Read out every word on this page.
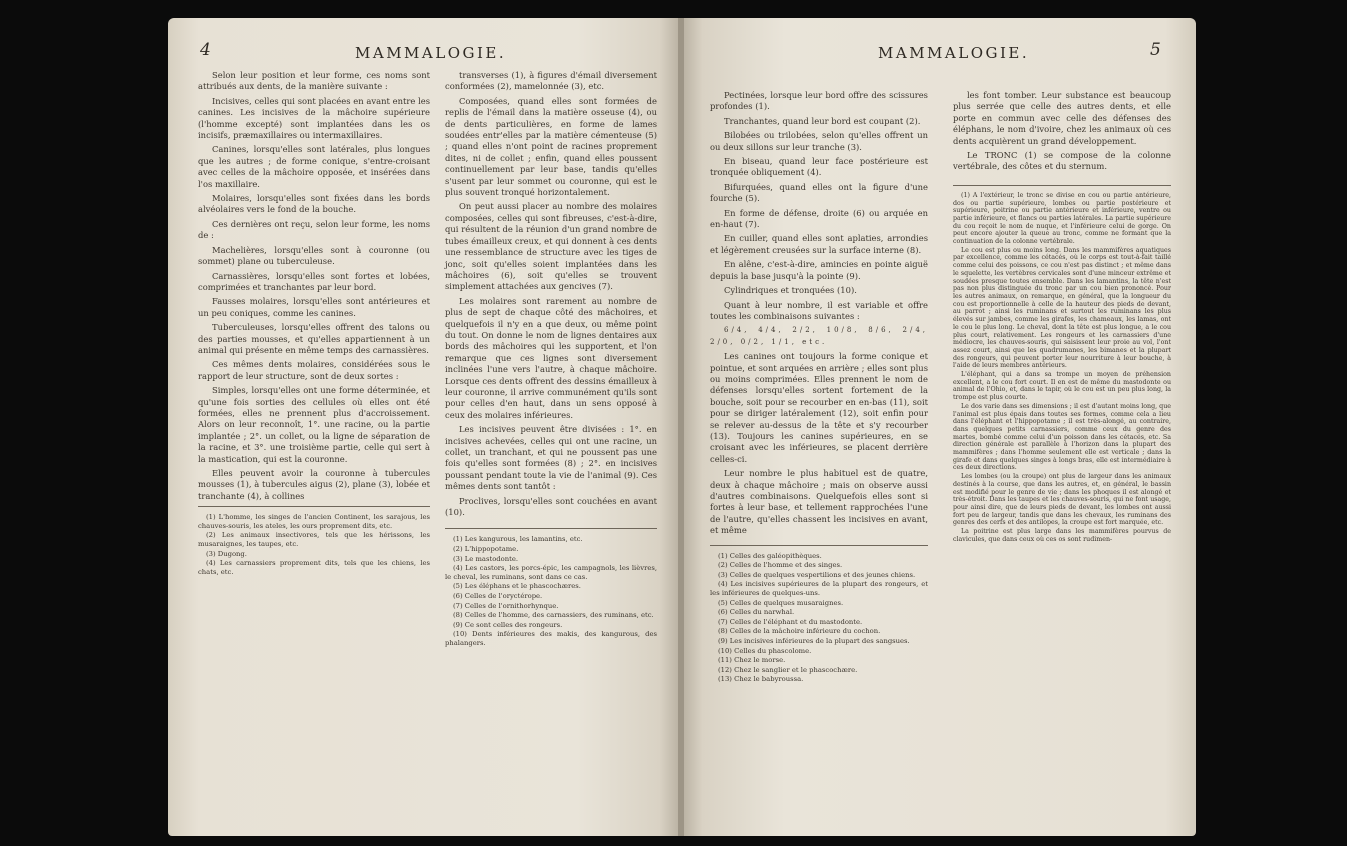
4	MAMMALOGIE.	MAMMALOGIE.	5

Selon leur position et leur forme, ces noms sont attribués aux dents, de la manière suivante :

Incisives, celles qui sont placées en avant entre les canines. Les incisives de la mâchoire supérieure (l'homme excepté) sont implantées dans les os incisifs, præmaxillaires ou intermaxillaires.

Canines, lorsqu'elles sont latérales, plus longues que les autres ; de forme conique, s'entre-croisant avec celles de la mâchoire opposée, et insérées dans l'os maxillaire.

Molaires, lorsqu'elles sont fixées dans les bords alvéolaires vers le fond de la bouche.

Ces dernières ont reçu, selon leur forme, les noms de :

Machelières, lorsqu'elles sont à couronne (ou sommet) plane ou tuberculeuse.

Carnassières, lorsqu'elles sont fortes et lobées, comprimées et tranchantes par leur bord.

Fausses molaires, lorsqu'elles sont antérieures et un peu coniques, comme les canines.

Tuberculeuses, lorsqu'elles offrent des talons ou des parties mousses, et qu'elles appartiennent à un animal qui présente en même temps des carnassières.

Ces mêmes dents molaires, considérées sous le rapport de leur structure, sont de deux sortes :

Simples, lorsqu'elles ont une forme déterminée, et qu'une fois sorties des cellules où elles ont été formées, elles ne prennent plus d'accroissement. Alors on leur reconnoît, 1°. une racine, ou la partie implantée ; 2°. un collet, ou la ligne de séparation de la racine, et 3°. une troisième partie, celle qui sert à la mastication, qui est la couronne.

Elles peuvent avoir la couronne à tubercules mousses (1), à tubercules aigus (2), plane (3), lobée et tranchante (4), à collines

(1) L'homme, les singes de l'ancien Continent, les sarajous, les chauves-souris, les ateles, les ours proprement dits, etc.

(2) Les animaux insectivores, tels que les hérissons, les musaraignes, les taupes, etc.

(3) Dugong.

(4) Les carnassiers proprement dits, tels que les chiens, les chats, etc.

transverses (1), à figures d'émail diversement conformées (2), mamelonnée (3), etc.

Composées, quand elles sont formées de replis de l'émail dans la matière osseuse (4), ou de dents particulières, en forme de lames soudées entr'elles par la matière cémenteuse (5) ; quand elles n'ont point de racines proprement dites, ni de collet ; enfin, quand elles poussent continuellement par leur base, tandis qu'elles s'usent par leur sommet ou couronne, qui est le plus souvent tronqué horizontalement.

On peut aussi placer au nombre des molaires composées, celles qui sont fibreuses, c'est-à-dire, qui résultent de la réunion d'un grand nombre de tubes émailleux creux, et qui donnent à ces dents une ressemblance de structure avec les tiges de jonc, soit qu'elles soient implantées dans les mâchoires (6), soit qu'elles se trouvent simplement attachées aux gencives (7).

Les molaires sont rarement au nombre de plus de sept de chaque côté des mâchoires, et quelquefois il n'y en a que deux, ou même point du tout. On donne le nom de lignes dentaires aux bords des mâchoires qui les supportent, et l'on remarque que ces lignes sont diversement inclinées l'une vers l'autre, à chaque mâchoire. Lorsque ces dents offrent des dessins émailleux à leur couronne, il arrive communément qu'ils sont pour celles d'en haut, dans un sens opposé à ceux des molaires inférieures.

Les incisives peuvent être divisées : 1°. en incisives achevées, celles qui ont une racine, un collet, un tranchant, et qui ne poussent pas une fois qu'elles sont formées (8) ; 2°. en incisives poussant pendant toute la vie de l'animal (9). Ces mêmes dents sont tantôt :

Proclives, lorsqu'elles sont couchées en avant (10).

(1) Les kangurous, les lamantins, etc.

(2) L'hippopotame.

(3) Le mastodonte.

(4) Les castors, les porcs-épic, les campagnols, les lièvres, le cheval, les ruminans, sont dans ce cas.

(5) Les éléphans et le phascochæres.

(6) Celles de l'oryctérope.

(7) Celles de l'ornithorhynque.

(8) Celles de l'homme, des carnassiers, des ruminans, etc.

(9) Ce sont celles des rongeurs.

(10) Dents inférieures des makis, des kangurous, des phalangers.

Pectinées, lorsque leur bord offre des scissures profondes (1).

Tranchantes, quand leur bord est coupant (2).

Bilobées ou trilobées, selon qu'elles offrent un ou deux sillons sur leur tranche (3).

En biseau, quand leur face postérieure est tronquée obliquement (4).

Bifurquées, quand elles ont la figure d'une fourche (5).

En forme de défense, droite (6) ou arquée en en-haut (7).

En cuiller, quand elles sont aplaties, arrondies et légèrement creusées sur la surface interne (8).

En alêne, c'est-à-dire, amincies en pointe aiguë depuis la base jusqu'à la pointe (9).

Cylindriques et tronquées (10).

Quant à leur nombre, il est variable et offre toutes les combinaisons suivantes :

6/4, 4/4, 2/2, 10/8, 8/6, 2/4, 2/0, 0/2, 1/1, etc.

Les canines ont toujours la forme conique et pointue, et sont arquées en arrière ; elles sont plus ou moins comprimées. Elles prennent le nom de défenses lorsqu'elles sortent fortement de la bouche, soit pour se recourber en en-bas (11), soit pour se diriger latéralement (12), soit enfin pour se relever au-dessus de la tête et s'y recourber (13). Toujours les canines supérieures, en se croisant avec les inférieures, se placent derrière celles-ci.

Leur nombre le plus habituel est de quatre, deux à chaque mâchoire ; mais on observe aussi d'autres combinaisons. Quelquefois elles sont si fortes à leur base, et tellement rapprochées l'une de l'autre, qu'elles chassent les incisives en avant, et même

(1) Celles des galéopithèques.

(2) Celles de l'homme et des singes.

(3) Celles de quelques vespertilions et des jeunes chiens.

(4) Les incisives supérieures de la plupart des rongeurs, et les inférieures de quelques-uns.

(5) Celles de quelques musaraignes.

(6) Celles du narwhal.

(7) Celles de l'éléphant et du mastodonte.

(8) Celles de la mâchoire inférieure du cochon.

(9) Les incisives inférieures de la plupart des sangsues.

(10) Celles du phascolome.

(11) Chez le morse.

(12) Chez le sanglier et le phascochære.

(13) Chez le babyroussa.

les font tomber. Leur substance est beaucoup plus serrée que celle des autres dents, et elle porte en commun avec celle des défenses des éléphans, le nom d'ivoire, chez les animaux où ces dents acquièrent un grand développement.

Le TRONC (1) se compose de la colonne vertébrale, des côtes et du sternum.

(1) A l'extérieur, le tronc se divise en cou ou partie antérieure, dos ou partie supérieure, lombes ou partie postérieure et supérieure, poitrine ou partie antérieure et inférieure, ventre ou partie inférieure, et flancs ou parties latérales. La partie supérieure du cou reçoit le nom de nuque, et l'inférieure celui de gorge. On peut encore ajouter la queue au tronc, comme ne formant que la continuation de la colonne vertébrale.

Le cou est plus ou moins long. Dans les mammifères aquatiques par excellence, comme les cétacés, où le corps est tout-à-fait taillé comme celui des poissons, ce cou n'est pas distinct ; et même dans le squelette, les vertèbres cervicales sont d'une minceur extrême et soudées presque toutes ensemble. Dans les lamantins, la tête n'est pas non plus distinguée du tronc par un cou bien prononcé. Pour les autres animaux, on remarque, en général, que la longueur du cou est proportionnelle à celle de la hauteur des pieds de devant, au parrot ; ainsi les ruminans et surtout les ruminans les plus élevés sur jambes, comme les girafes, les chameaux, les lamas, ont le cou le plus long. Le cheval, dont la tête est plus longue, a le cou plus court, relativement. Les rongeurs et les carnassiers d'une médiocre, les chauves-souris, qui saisissent leur proie au vol, l'ont assez court, ainsi que les quadrumanes, les bimanes et la plupart des rongeurs, qui peuvent porter leur nourriture à leur bouche, à l'aide de leurs membres antérieurs.

L'éléphant, qui a dans sa trompe un moyen de préhension excellent, a le cou fort court. Il en est de même du mastodonte ou animal de l'Ohio, et, dans le tapir, où le cou est un peu plus long, la trompe est plus courte.

Le dos varie dans ses dimensions ; il est d'autant moins long, que l'animal est plus épais dans toutes ses formes, comme cela a lieu dans l'éléphant et l'hippopotame ; il est très-alongé, au contraire, dans quelques petits carnassiers, comme ceux du genre des martes, bombé comme celui d'un poisson dans les cétacés, etc. Sa direction générale est parallèle à l'horizon dans la plupart des mammifères ; dans l'homme seulement elle est verticale ; dans la girafe et dans quelques singes à longs bras, elle est intermédiaire à ces deux directions.

Les lombes (ou la croupe) ont plus de largeur dans les animaux destinés à la course, que dans les autres, et, en général, le bassin est modifié pour le genre de vie ; dans les phoques il est alongé et très-étroit. Dans les taupes et les chauves-souris, qui ne font usage, pour ainsi dire, que de leurs pieds de devant, les lombes ont aussi fort peu de largeur, tandis que dans les chevaux, les ruminans des genres des cerfs et des antilopes, la croupe est fort marquée, etc.

La poitrine est plus large dans les mammifères pourvus de clavicules, que dans ceux où ces os sont rudimen-
